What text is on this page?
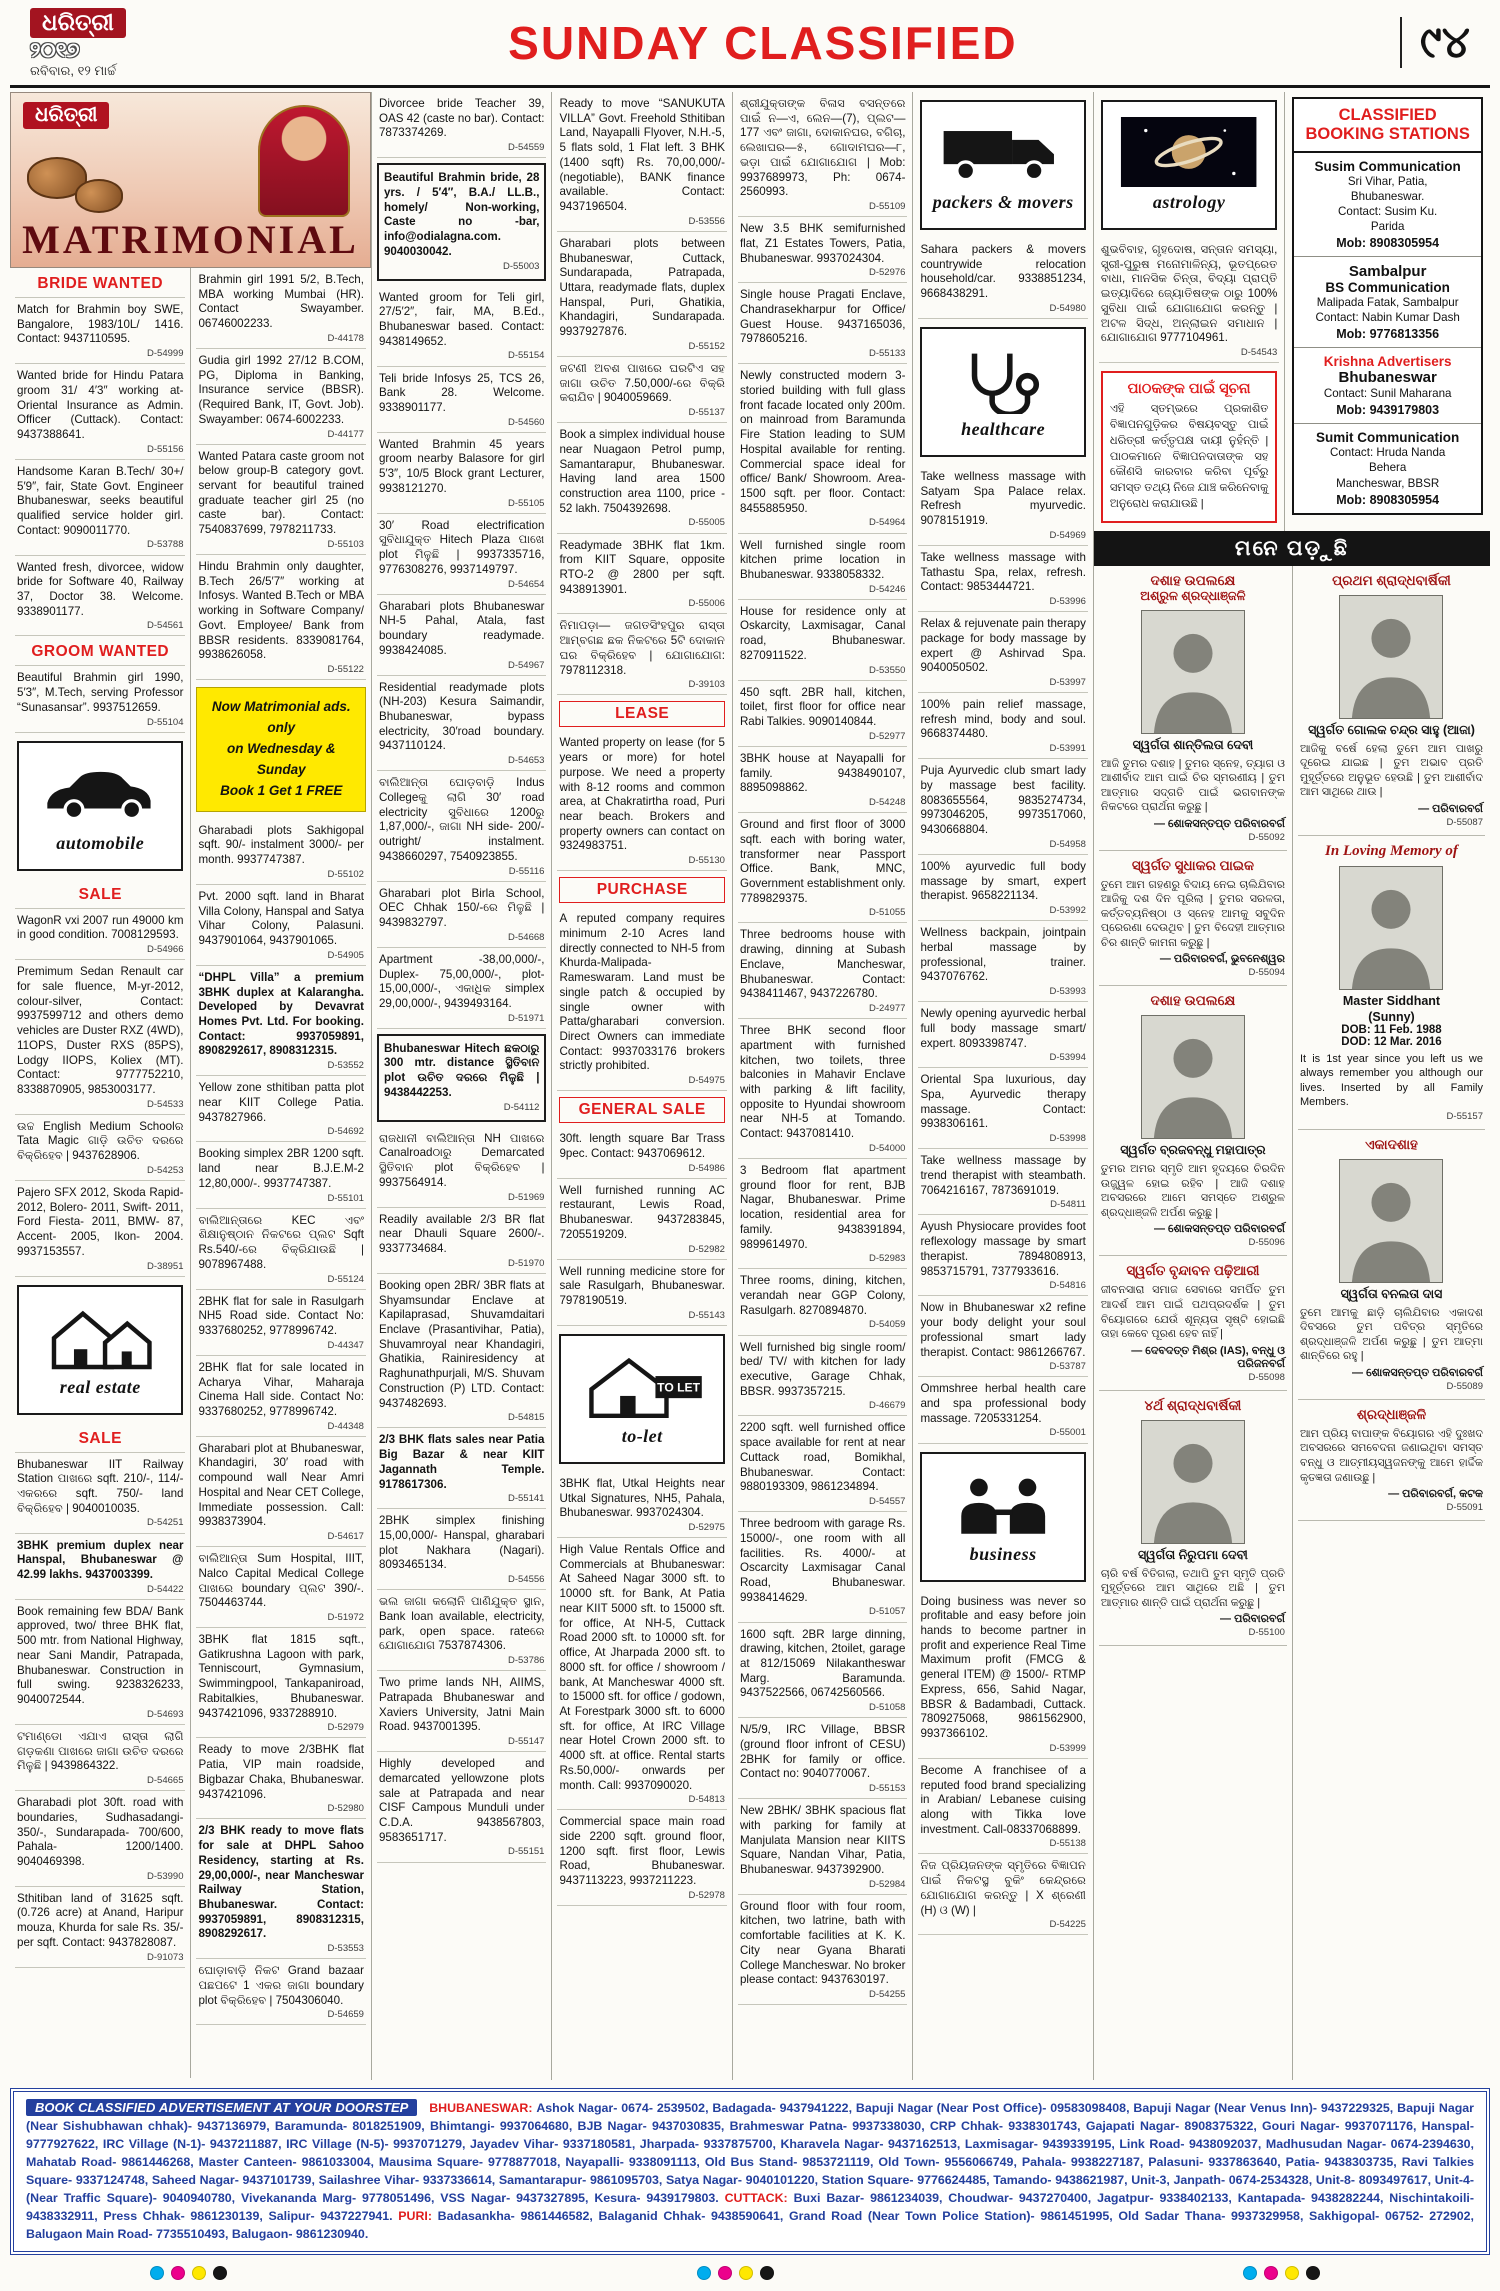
ଧରିତ୍ରୀ
୨୦୧୭
ରବିବାର, ୧୨ ମାର୍ଚ୍ଚ
SUNDAY CLASSIFIED	୯୪
ଧରିତ୍ରୀ
MATRIMONIAL
BRIDE WANTED
Match for Brahmin boy SWE, Bangalore, 1983/10L/ 1416. Contact: 9437110595.
D-54999
Wanted bride for Hindu Patara groom 31/ 4′3″ working at- Oriental Insurance as Admin. Officer (Cuttack). Contact: 9437388641.
D-55156
Handsome Karan B.Tech/ 30+/ 5′9″, fair, State Govt. Engineer Bhubaneswar, seeks beautiful qualified service holder girl. Contact: 9090011770.
D-53788
Wanted fresh, divorcee, widow bride for Software 40, Railway 37, Doctor 38. Welcome. 9338901177.
D-54561
GROOM WANTED
Beautiful Brahmin girl 1990, 5′3″, M.Tech, serving Professor “Sunasansar”. 9937512659.
D-55104
automobile
SALE
WagonR vxi 2007 run 49000 km in good condition. 7008129593.
D-54966
Premimum Sedan Renault car for sale fluence, M-yr-2012, colour-silver, Contact: 9937599712 and others demo vehicles are Duster RXZ (4WD), 11OPS, Duster RXS (85PS), Lodgy IIOPS, Koliex (MT). Contact: 9777752210, 8338870905, 9853003177.
D-54533
ଉଚ୍ଚ English Medium Schoolର Tata Magic ଗାଡ଼ି ଉଚିତ ଦରରେ ବିକ୍ରିହେବ | 9437628906.
D-54253
Pajero SFX 2012, Skoda Rapid- 2012, Bolero- 2011, Swift- 2011, Ford Fiesta- 2011, BMW- 87, Accent- 2005, Ikon- 2004. 9937153557.
D-38951
real estate
SALE
Bhubaneswar IIT Railway Station ପାଖରେ sqft. 210/-, 114/- ଏକରରେ sqft. 750/- land ବିକ୍ରିହେବ | 9040010035.
D-54251
3BHK premium duplex near Hanspal, Bhubaneswar @ 42.99 lakhs. 9437003399.
D-54422
Book remaining few BDA/ Bank approved, two/ three BHK flat, 500 mtr. from National Highway, near Sani Mandir, Patrapada, Bhubaneswar. Construction in full swing. 9238326233, 9040072544.
D-54693
ଟମାଣ୍ଡୋ ଏଯାଏ ରାସ୍ତା ଲାଗି ଗଡ଼କଣା ପାଖରେ ଜାଗା ଉଚିତ ଦରରେ ମିଳୁଛି | 9439864322.
D-54665
Gharabadi plot 30ft. road with boundaries, Sudhasadangi- 350/-, Sundarapada- 700/600, Pahala- 1200/1400. 9040469398.
D-53990
Sthitiban land of 31625 sqft. (0.726 acre) at Anand, Haripur mouza, Khurda for sale Rs. 35/- per sqft. Contact: 9437828087.
D-91073
Brahmin girl 1991 5/2, B.Tech, MBA working Mumbai (HR). Contact Swayamber. 06746002233.
D-44178
Gudia girl 1992 27/12 B.COM, PG, Diploma in Banking, Insurance service (BBSR). (Required Bank, IT, Govt. Job). Swayamber: 0674-6002233.
D-44177
Wanted Patara caste groom not below group-B category govt. servant for beautiful trained graduate teacher girl 25 (no caste bar). Contact: 7540837699, 7978211733.
D-55103
Hindu Brahmin only daughter, B.Tech 26/5′7″ working at Infosys. Wanted B.Tech or MBA working in Software Company/ Govt. Employee/ Bank from BBSR residents. 8339081764, 9938626058.
D-55122
Now Matrimonial ads. only
on Wednesday & Sunday
Book 1 Get 1 FREE
Gharabadi plots Sakhigopal sqft. 90/- instalment 3000/- per month. 9937747387.
D-55102
Pvt. 2000 sqft. land in Bharat Villa Colony, Hanspal and Satya Vihar Colony, Palasuni. 9437901064, 9437901065.
D-54905
“DHPL Villa” a premium 3BHK duplex at Kalarangha. Developed by Devavrat Homes Pvt. Ltd. For booking. Contact: 9937059891, 8908292617, 8908312315.
D-53552
Yellow zone sthitiban patta plot near KIIT College Patia. 9437827966.
D-54692
Booking simplex 2BR 1200 sqft. land near B.J.E.M-2 12,80,000/-. 9937747387.
D-55101
ବାଲିଆନ୍ତାରେ KEC ଏବଂ ଶିକ୍ଷାନୁଷ୍ଠାନ ନିକଟରେ ପ୍ଲଟ Sqft Rs.540/-ରେ ବିକ୍ରିଯାଉଛି | 9078967488.
D-55124
2BHK flat for sale in Rasulgarh NH5 Road side. Contact No: 9337680252, 9778996742.
D-44347
2BHK flat for sale located in Acharya Vihar, Maharaja Cinema Hall side. Contact No: 9337680252, 9778996742.
D-44348
Gharabari plot at Bhubaneswar, Khandagiri, 30′ road with compound wall Near Amri Hospital and Near CET College, Immediate possession. Call: 9938373904.
D-54617
ବାଲିଆନ୍ତା Sum Hospital, IIIT, Nalco Capital Medical College ପାଖରେ boundary ପ୍ଲଟ 390/-. 7504463744.
D-51972
3BHK flat 1815 sqft., Gatikrushna Lagoon with park, Tenniscourt, Gymnasium, Swimmingpool, Tankapaniroad, Rabitalkies, Bhubaneswar. 9437421096, 9337288910.
D-52979
Ready to move 2/3BHK flat Patia, VIP main roadside, Bigbazar Chaka, Bhubaneswar. 9437421096.
D-52980
2/3 BHK ready to move flats for sale at DHPL Sahoo Residency, starting at Rs. 29,00,000/-, near Mancheswar Railway Station, Bhubaneswar. Contact: 9937059891, 8908312315, 8908292617.
D-53553
ଘୋଡ଼ାବାଡ଼ି ନିକଟ Grand bazaar ପଛପଟେ 1 ଏକର ଜାଗା boundary plot ବିକ୍ରିହେବ | 7504306040.
D-54659
Divorcee bride Teacher 39, OAS 42 (caste no bar). Contact: 7873374269.
D-54559
Beautiful Brahmin bride, 28 yrs. / 5′4″, B.A./ LL.B., homely/ Non-working, Caste no -bar, info@odialagna.com. 9040030042.
D-55003
Wanted groom for Teli girl, 27/5′2″, fair, MA, B.Ed., Bhubaneswar based. Contact: 9438149652.
D-55154
Teli bride Infosys 25, TCS 26, Bank 28. Welcome. 9338901177.
D-54560
Wanted Brahmin 45 years groom nearby Balasore for girl 5′3″, 10/5 Block grant Lecturer, 9938121270.
D-55105
30′ Road electrification ସୁବିଧାଯୁକ୍ତ Hitech Plaza ପାଖେ plot ମିଳୁଛି | 9937335716, 9776308276, 9937149797.
D-54654
Gharabari plots Bhubaneswar NH-5 Pahal, Atala, fast boundary readymade. 9938424085.
D-54967
Residential readymade plots (NH-203) Kesura Saimandir, Bhubaneswar, bypass electricity, 30′road boundary. 9437110124.
D-54653
ବାଲିଆନ୍ତା ଘୋଡ଼ବାଡ଼ି Indus Collegeକୁ ଲାଗି 30′ road electricity ସୁବିଧାରେ 1200ରୁ 1,87,000/-, ଜାଗା NH side- 200/- outright/ instalment. 9438660297, 7540923855.
D-55116
Gharabari plot Birla School, OEC Chhak 150/-ରେ ମିଳୁଛି | 9439832797.
D-54668
Apartment -38,00,000/-, Duplex- 75,00,000/-, plot- 15,00,000/-, ଏକାଧିକ simplex 29,00,000/-, 9439493164.
D-51971
Bhubaneswar Hitech ଛକଠାରୁ 300 mtr. distance ସ୍ଥିତିବାନ plot ଉଚିତ ଦରରେ ମିଳୁଛି | 9438442253.
D-54112
ରାଜଧାନୀ ବାଲିଆନ୍ତା NH ପାଖରେ Canalroadଠାରୁ Demarcated ସ୍ଥିତିବାନ plot ବିକ୍ରିହେବ | 9937564914.
D-51969
Readily available 2/3 BR flat near Dhauli Square 2600/-. 9337734684.
D-51970
Booking open 2BR/ 3BR flats at Shyamsundar Enclave at Kapilaprasad, Shuvamdaitari Enclave (Prasantivihar, Patia), Shuvamroyal near Khandagiri, Ghatikia, Rainiresidency at Raghunathpurjali, M/S. Shuvam Construction (P) LTD. Contact: 9437482693.
D-54815
2/3 BHK flats sales near Patia Big Bazar & near KIIT Jagannath Temple. 9178617306.
D-55141
2BHK simplex finishing 15,00,000/- Hanspal, gharabari plot Nakhara (Nagari). 8093465134.
D-54556
ଭଲ ଜାଗା କଲୋନି ପାଣିଯୁକ୍ତ ସ୍ଥାନ, Bank loan available, electricity, park, open space. rateରେ ଯୋଗାଯୋଗ 7537874306.
D-53786
Two prime lands NH, AIIMS, Patrapada Bhubaneswar and Xaviers University, Jatni Main Road. 9437001395.
D-55147
Highly developed and demarcated yellowzone plots sale at Patrapada and near CISF Campous Munduli under C.D.A. 9438567803, 9583651717.
D-55151
Ready to move “SANUKUTA VILLA” Govt. Freehold Sthitiban Land, Nayapalli Flyover, N.H.-5, 5 flats sold, 1 Flat left. 3 BHK (1400 sqft) Rs. 70,00,000/- (negotiable), BANK finance available. Contact: 9437196504.
D-53556
Gharabari plots between Bhubaneswar, Cuttack, Sundarapada, Patrapada, Uttara, readymade flats, duplex Hanspal, Puri, Ghatikia, Khandagiri, Sundarapada. 9937927876.
D-55152
ଜଟଣୀ ଅବଶ ପାଖରେ ଘରଟିଏ ସହ ଜାଗା ଉଚିତ 7.50,000/-ରେ ବିକ୍ରି କରାଯିବ | 9040059669.
D-55137
Book a simplex individual house near Nuagaon Petrol pump, Samantarapur, Bhubaneswar. Having land area 1500 construction area 1100, price - 52 lakh. 7504392698.
D-55005
Readymade 3BHK flat 1km. from KIIT Square, opposite RTO-2 @ 2800 per sqft. 9438913901.
D-55006
ନିମାପଡ଼ା— ଜଗତସିଂହପୁର ରାସ୍ତା ଆମ୍ବଗଛ ଛକ ନିକଟରେ 5ଟି ଦୋକାନ ଘର ବିକ୍ରିହେବ | ଯୋଗାଯୋଗ: 7978112318.
D-39103
LEASE
Wanted property on lease (for 5 years or more) for hotel purpose. We need a property with 8-12 rooms and common area, at Chakratirtha road, Puri near beach. Brokers and property owners can contact on 9324983751.
D-55130
PURCHASE
A reputed company requires minimum 2-10 Acres land directly connected to NH-5 from Khurda-Malipada-Rameswaram. Land must be single patch & occupied by single owner with Patta/gharabari conversion. Direct Owners can immediate Contact: 9937033176 brokers strictly prohibited.
D-54975
GENERAL SALE
30ft. length square Bar Trass 9pec. Contact: 9437069612.
D-54986
Well furnished running AC restaurant, Lewis Road, Bhubaneswar. 9437283845, 7205519209.
D-52982
Well running medicine store for sale Rasulgarh, Bhubaneswar. 7978190519.
D-55143
TO LET
to-let
3BHK flat, Utkal Heights near Utkal Signatures, NH5, Pahala, Bhubaneswar. 9937024304.
D-52975
High Value Rentals Office and Commercials at Bhubaneswar: At Saheed Nagar 3000 sft. to 10000 sft. for Bank, At Patia near KIIT 5000 sft. to 15000 sft. for office, At NH-5, Cuttack Road 2000 sft. to 10000 sft. for office, At Jharpada 2000 sft. to 8000 sft. for office / showroom / bank, At Mancheswar 4000 sft. to 15000 sft. for office / godown, At Forestpark 3000 sft. to 6000 sft. for office, At IRC Village near Hotel Crown 2000 sft. to 4000 sft. at office. Rental starts Rs.50,000/- onwards per month. Call: 9937090020.
D-54813
Commercial space main road side 2200 sqft. ground floor, 1200 sqft. first floor, Lewis Road, Bhubaneswar. 9437113223, 9937211223.
D-52978
ଶ୍ରୀଯୁକ୍ତାଙ୍କ ବିଳାସ ବସନ୍ତରେ ପାଇଁ ନ—ଏ, ଲେନ—(7), ପ୍ଲଟ— 177 ଏବଂ ଜାଗା, ଦୋକାନଘର, ବଗିଚା, ଲେଖାଘର—୫, ଗୋଦାମଘର—୮, ଭଡ଼ା ପାଇଁ ଯୋଗାଯୋଗ | Mob: 9937689973, Ph: 0674- 2560993.
D-55109
New 3.5 BHK semifurnished flat, Z1 Estates Towers, Patia, Bhubaneswar. 9937024304.
D-52976
Single house Pragati Enclave, Chandrasekharpur for Office/ Guest House. 9437165036, 7978605216.
D-55133
Newly constructed modern 3-storied building with full glass front facade located only 200m. on mainroad from Baramunda Fire Station leading to SUM Hospital available for renting. Commercial space ideal for office/ Bank/ Showroom. Area- 1500 sqft. per floor. Contact: 8455885950.
D-54964
Well furnished single room kitchen prime location in Bhubaneswar. 9338058332.
D-54246
House for residence only at Oskarcity, Laxmisagar, Canal road, Bhubaneswar. 8270911522.
D-53550
450 sqft. 2BR hall, kitchen, toilet, first floor for office near Rabi Talkies. 9090140844.
D-52977
3BHK house at Nayapalli for family. 9438490107, 8895098862.
D-54248
Ground and first floor of 3000 sqft. each with boring water, transformer near Passport Office. Bank, MNC, Government establishment only. 7789829375.
D-51055
Three bedrooms house with drawing, dinning at Subash Enclave, Mancheswar, Bhubaneswar. Contact: 9438411467, 9437226780.
D-24977
Three BHK second floor apartment with furnished kitchen, two toilets, three balconies in Mahavir Enclave with parking & lift facility, opposite to Hyundai showroom near NH-5 at Tomando. Contact: 9437081410.
D-54000
3 Bedroom flat apartment ground floor for rent, BJB Nagar, Bhubaneswar. Prime location, residential area for family. 9438391894, 9899614970.
D-52983
Three rooms, dining, kitchen, verandah near GGP Colony, Rasulgarh. 8270894870.
D-54059
Well furnished big single room/ bed/ TV/ with kitchen for lady executive, Garage Chhak, BBSR. 9937357215.
D-46679
2200 sqft. well furnished office space available for rent at near Cuttack road, Bomikhal, Bhubaneswar. Contact: 9880193309, 9861234894.
D-54557
Three bedroom with garage Rs. 15000/-, one room with all facilities. Rs. 4000/- at Oscarcity Laxmisagar Canal Road, Bhubaneswar. 9938414629.
D-51057
1600 sqft. 2BR large dinning, drawing, kitchen, 2toilet, garage at 812/15069 Nilakantheswar Marg. Baramunda. 9437522566, 06742560566.
D-51058
N/5/9, IRC Village, BBSR (ground floor infront of CESU) 2BHK for family or office. Contact no: 9040770067.
D-55153
New 2BHK/ 3BHK spacious flat with parking for family at Manjulata Mansion near KIITS Square, Nandan Vihar, Patia, Bhubaneswar. 9437392900.
D-52984
Ground floor with four room, kitchen, two latrine, bath with comfortable facilities at K. K. City near Gyana Bharati College Mancheswar. No broker please contact: 9437630197.
D-54255
packers & movers
Sahara packers & movers countrywide relocation household/car. 9338851234, 9668438291.
D-54980
healthcare
Take wellness massage with Satyam Spa Palace relax. Refresh myurvedic. 9078151919.
D-54969
Take wellness massage with Tathastu Spa, relax, refresh. Contact: 9853444721.
D-53996
Relax & rejuvenate pain therapy package for body massage by expert @ Ashirvad Spa. 9040050502.
D-53997
100% pain relief massage, refresh mind, body and soul. 9668374480.
D-53991
Puja Ayurvedic club smart lady by massage best facility. 8083655564, 9835274734, 9973046205, 9973517060, 9430668804.
D-54958
100% ayurvedic full body massage by smart, expert therapist. 9658221134.
D-53992
Wellness backpain, jointpain herbal massage by professional, trainer. 9437076762.
D-53993
Newly opening ayurvedic herbal full body massage smart/ expert. 8093398747.
D-53994
Oriental Spa luxurious, day Spa, Ayurvedic therapy massage. Contact: 9938306161.
D-53998
Take wellness massage by trend therapist with steambath. 7064216167, 7873691019.
D-54811
Ayush Physiocare provides foot reflexology massage by smart therapist. 7894808913, 9853715791, 7377933616.
D-54816
Now in Bhubaneswar x2 refine your body delight your soul professional smart lady therapist. Contact: 9861266767.
D-53787
Ommshree herbal health care and spa professional body massage. 7205331254.
D-55001
business
Doing business was never so profitable and easy before join hands to become partner in profit and experience Real Time Maximum profit (FMCG & general ITEM) @ 1500/- RTMP Express, 656, Sahid Nagar, BBSR & Badambadi, Cuttack. 7809275068, 9861562900, 9937366102.
D-53999
Become A franchisee of a reputed food brand specializing in Arabian/ Lebanese cuising along with Tikka love investment. Call-08337068899.
D-55138
ନିଜ ପ୍ରିୟଜନଙ୍କ ସ୍ମୃତିରେ ବିଜ୍ଞାପନ ପାଇଁ ନିକଟସ୍ଥ ବୁକିଂ କେନ୍ଦ୍ରରେ ଯୋଗାଯୋଗ କରନ୍ତୁ | X ଶ୍ରେଣୀ (H) ଓ (W) |
D-54225
astrology
ଶୁଭବିବାହ, ଗୃହଦୋଷ, ସନ୍ତାନ ସମସ୍ୟା, ସ୍ତ୍ରୀ-ପୁରୁଷ ମନୋମାଳିନ୍ୟ, ଭୂତପ୍ରେତ ବାଧା, ମାନସିକ ଚିନ୍ତା, ବିଦ୍ୟା ପ୍ରାପ୍ତି ଇତ୍ୟାଦିରେ ଜ୍ୟୋତିଷଙ୍କ ଠାରୁ 100% ସୁବିଧା ପାଇଁ ଯୋଗାଯୋଗ କରନ୍ତୁ | ଅଟଳ ସିଦ୍ଧ, ଅନ୍ଲାଇନ ସମାଧାନ | ଯୋଗାଯୋଗ 9777104961.
D-54543
ପାଠକଙ୍କ ପାଇଁ ସୂଚନା
ଏହି ସ୍ତମ୍ଭରେ ପ୍ରକାଶିତ ବିଜ୍ଞାପନଗୁଡ଼ିକର ବିଷୟବସ୍ତୁ ପାଇଁ ଧରିତ୍ରୀ କର୍ତ୍ତୃପକ୍ଷ ଦାୟୀ ନୁହଁନ୍ତି | ପାଠକମାନେ ବିଜ୍ଞାପନଦାତାଙ୍କ ସହ କୌଣସି କାରବାର କରିବା ପୂର୍ବରୁ ସମସ୍ତ ତଥ୍ୟ ନିଜେ ଯାଞ୍ଚ କରିନେବାକୁ ଅନୁରୋଧ କରାଯାଉଛି |
CLASSIFIED
BOOKING STATIONS
Susim Communication
Sri Vihar, Patia,
Bhubaneswar.
Contact: Susim Ku.
Parida
Mob: 8908305954
Sambalpur
BS Communication
Malipada Fatak, Sambalpur
Contact: Nabin Kumar Dash
Mob: 9776813356
Krishna Advertisers
Bhubaneswar
Contact: Sunil Maharana
Mob: 9439179803
Sumit Communication
Contact: Hruda Nanda
Behera
Mancheswar, BBSR
Mob: 8908305954
ମନେ ପଡ଼ୁଛି
ଦଶାହ ଉପଲକ୍ଷେ
ଅଶ୍ରୁଳ ଶ୍ରଦ୍ଧାଞ୍ଜଳି
ସ୍ୱର୍ଗତା ଶାନ୍ତିଲତା ଦେବୀ
ଆଜି ତୁମର ଦଶାହ | ତୁମର ସ୍ନେହ, ତ୍ୟାଗ ଓ ଆଶୀର୍ବାଦ ଆମ ପାଇଁ ଚିର ସ୍ମରଣୀୟ | ତୁମ ଆତ୍ମାର ସଦ୍ଗତି ପାଇଁ ଭଗବାନଙ୍କ ନିକଟରେ ପ୍ରାର୍ଥନା କରୁଛୁ |
— ଶୋକସନ୍ତପ୍ତ ପରିବାରବର୍ଗ
D-55092
ସ୍ୱର୍ଗତ ସୁଧାକର ପାଇକ
ତୁମେ ଆମ ଗହଣରୁ ବିଦାୟ ନେଇ ଚାଲିଯିବାର ଆଜିକୁ ଦଶ ଦିନ ପୂରିଲା | ତୁମର ସରଳତା, କର୍ତ୍ତବ୍ୟନିଷ୍ଠା ଓ ସ୍ନେହ ଆମକୁ ସବୁଦିନ ପ୍ରେରଣା ଦେଉଥିବ | ତୁମ ବିଦେହୀ ଆତ୍ମାର ଚିର ଶାନ୍ତି କାମନା କରୁଛୁ |
— ପରିବାରବର୍ଗ, ଭୁବନେଶ୍ୱର
D-55094
ଦଶାହ ଉପଲକ୍ଷେ
ସ୍ୱର୍ଗତ ବ୍ରଜବନ୍ଧୁ ମହାପାତ୍ର
ତୁମର ଅମର ସ୍ମୃତି ଆମ ହୃଦୟରେ ଚିରଦିନ ଉଜ୍ଜ୍ୱଳ ହୋଇ ରହିବ | ଆଜି ଦଶାହ ଅବସରରେ ଆମେ ସମସ୍ତେ ଅଶ୍ରୁଳ ଶ୍ରଦ୍ଧାଞ୍ଜଳି ଅର୍ପଣ କରୁଛୁ |
— ଶୋକସନ୍ତପ୍ତ ପରିବାରବର୍ଗ
D-55096
ସ୍ୱର୍ଗତ ବୃନ୍ଦାବନ ପଢ଼ିଆରୀ
ଜୀବନସାରା ସମାଜ ସେବାରେ ସମର୍ପିତ ତୁମ ଆଦର୍ଶ ଆମ ପାଇଁ ପଥପ୍ରଦର୍ଶକ | ତୁମ ବିୟୋଗରେ ଯେଉଁ ଶୂନ୍ୟତା ସୃଷ୍ଟି ହୋଇଛି ତାହା କେବେ ପୂରଣ ହେବ ନାହିଁ |
— ଦେବଦତ୍ତ ମିଶ୍ର (IAS), ବନ୍ଧୁ ଓ ପରିଜନବର୍ଗ
D-55098
୪ର୍ଥ ଶ୍ରାଦ୍ଧବାର୍ଷିକୀ
ସ୍ୱର୍ଗତା ନିରୁପମା ଦେବୀ
ଚାରି ବର୍ଷ ବିତିଗଲା, ତଥାପି ତୁମ ସ୍ମୃତି ପ୍ରତି ମୁହୂର୍ତ୍ତରେ ଆମ ସାଥିରେ ଅଛି | ତୁମ ଆତ୍ମାର ଶାନ୍ତି ପାଇଁ ପ୍ରାର୍ଥନା କରୁଛୁ |
— ପରିବାରବର୍ଗ
D-55100
ପ୍ରଥମ ଶ୍ରାଦ୍ଧବାର୍ଷିକୀ
ସ୍ୱର୍ଗତ ଗୋଲକ ଚନ୍ଦ୍ର ସାହୁ (ଆଜା)
ଆଜିକୁ ବର୍ଷେ ହେଲା ତୁମେ ଆମ ପାଖରୁ ଦୂରେଇ ଯାଇଛ | ତୁମ ଅଭାବ ପ୍ରତି ମୁହୂର୍ତ୍ତରେ ଅନୁଭୂତ ହେଉଛି | ତୁମ ଆଶୀର୍ବାଦ ଆମ ସାଥିରେ ଥାଉ |
— ପରିବାରବର୍ଗ
D-55087
In Loving Memory of
Master Siddhant
(Sunny)
DOB: 11 Feb. 1988
DOD: 12 Mar. 2016
It is 1st year since you left us we always remember you although our lives. Inserted by all Family Members.
D-55157
ଏକାଦଶାହ
ସ୍ୱର୍ଗତା ବନଲତା ଦାସ
ତୁମେ ଆମକୁ ଛାଡ଼ି ଚାଲିଯିବାର ଏକାଦଶ ଦିବସରେ ତୁମ ପବିତ୍ର ସ୍ମୃତିରେ ଶ୍ରଦ୍ଧାଞ୍ଜଳି ଅର୍ପଣ କରୁଛୁ | ତୁମ ଆତ୍ମା ଶାନ୍ତିରେ ରହୁ |
— ଶୋକସନ୍ତପ୍ତ ପରିବାରବର୍ଗ
D-55089
ଶ୍ରଦ୍ଧାଞ୍ଜଳି
ଆମ ପ୍ରିୟ ବାପାଙ୍କ ବିୟୋଗର ଏହି ଦୁଃଖଦ ଅବସରରେ ସମବେଦନା ଜଣାଇଥିବା ସମସ୍ତ ବନ୍ଧୁ ଓ ଆତ୍ମୀୟସ୍ୱଜନଙ୍କୁ ଆମେ ହାର୍ଦ୍ଦିକ କୃତଜ୍ଞତା ଜଣାଉଛୁ |
— ପରିବାରବର୍ଗ, କଟକ
D-55091

BOOK CLASSIFIED ADVERTISEMENT AT YOUR DOORSTEP BHUBANESWAR: Ashok Nagar- 0674- 2539502, Badagada- 9437941222, Bapuji Nagar (Near Post Office)- 09583098408, Bapuji Nagar (Near Venus Inn)- 9437229325, Bapuji Nagar (Near Sishubhawan chhak)- 9437136979, Baramunda- 8018251909, Bhimtangi- 9937064680, BJB Nagar- 9437030835, Brahmeswar Patna- 9937338030, CRP Chhak- 9338301743, Gajapati Nagar- 8908375322, Gouri Nagar- 9937071176, Hanspal- 9777927622, IRC Village (N-1)- 9437211887, IRC Village (N-5)- 9937071279, Jayadev Vihar- 9337180581, Jharpada- 9337875700, Kharavela Nagar- 9437162513, Laxmisagar- 9439339195, Link Road- 9438092037, Madhusudan Nagar- 0674-2394630, Mahatab Road- 9861446268, Master Canteen- 9861033004, Mausima Square- 9778877018, Nayapalli- 9338091113, Old Bus Stand- 9853721119, Old Town- 9556066749, Pahala- 9938227187, Palasuni- 9337863640, Patia- 9438303735, Ravi Talkies Square- 9337124748, Saheed Nagar- 9437101739, Sailashree Vihar- 9337336614, Samantarapur- 9861095703, Satya Nagar- 9040101220, Station Square- 9776624485, Tamando- 9438621987, Unit-3, Janpath- 0674-2534328, Unit-8- 8093497617, Unit-4- (Near Traffic Square)- 9040940780, Vivekananda Marg- 9778051496, VSS Nagar- 9437327895, Kesura- 9439179803. CUTTACK: Buxi Bazar- 9861234039, Choudwar- 9437270400, Jagatpur- 9338402133, Kantapada- 9438282244, Nischintakoili- 9438332911, Press Chhak- 9861230139, Salipur- 9437227941. PURI: Badasankha- 9861446582, Balaganid Chhak- 9438590641, Grand Road (Near Town Police Station)- 9861451995, Old Sadar Thana- 9937329958, Sakhigopal- 06752- 272902, Balugaon Main Road- 7735510493, Balugaon- 9861230940.
